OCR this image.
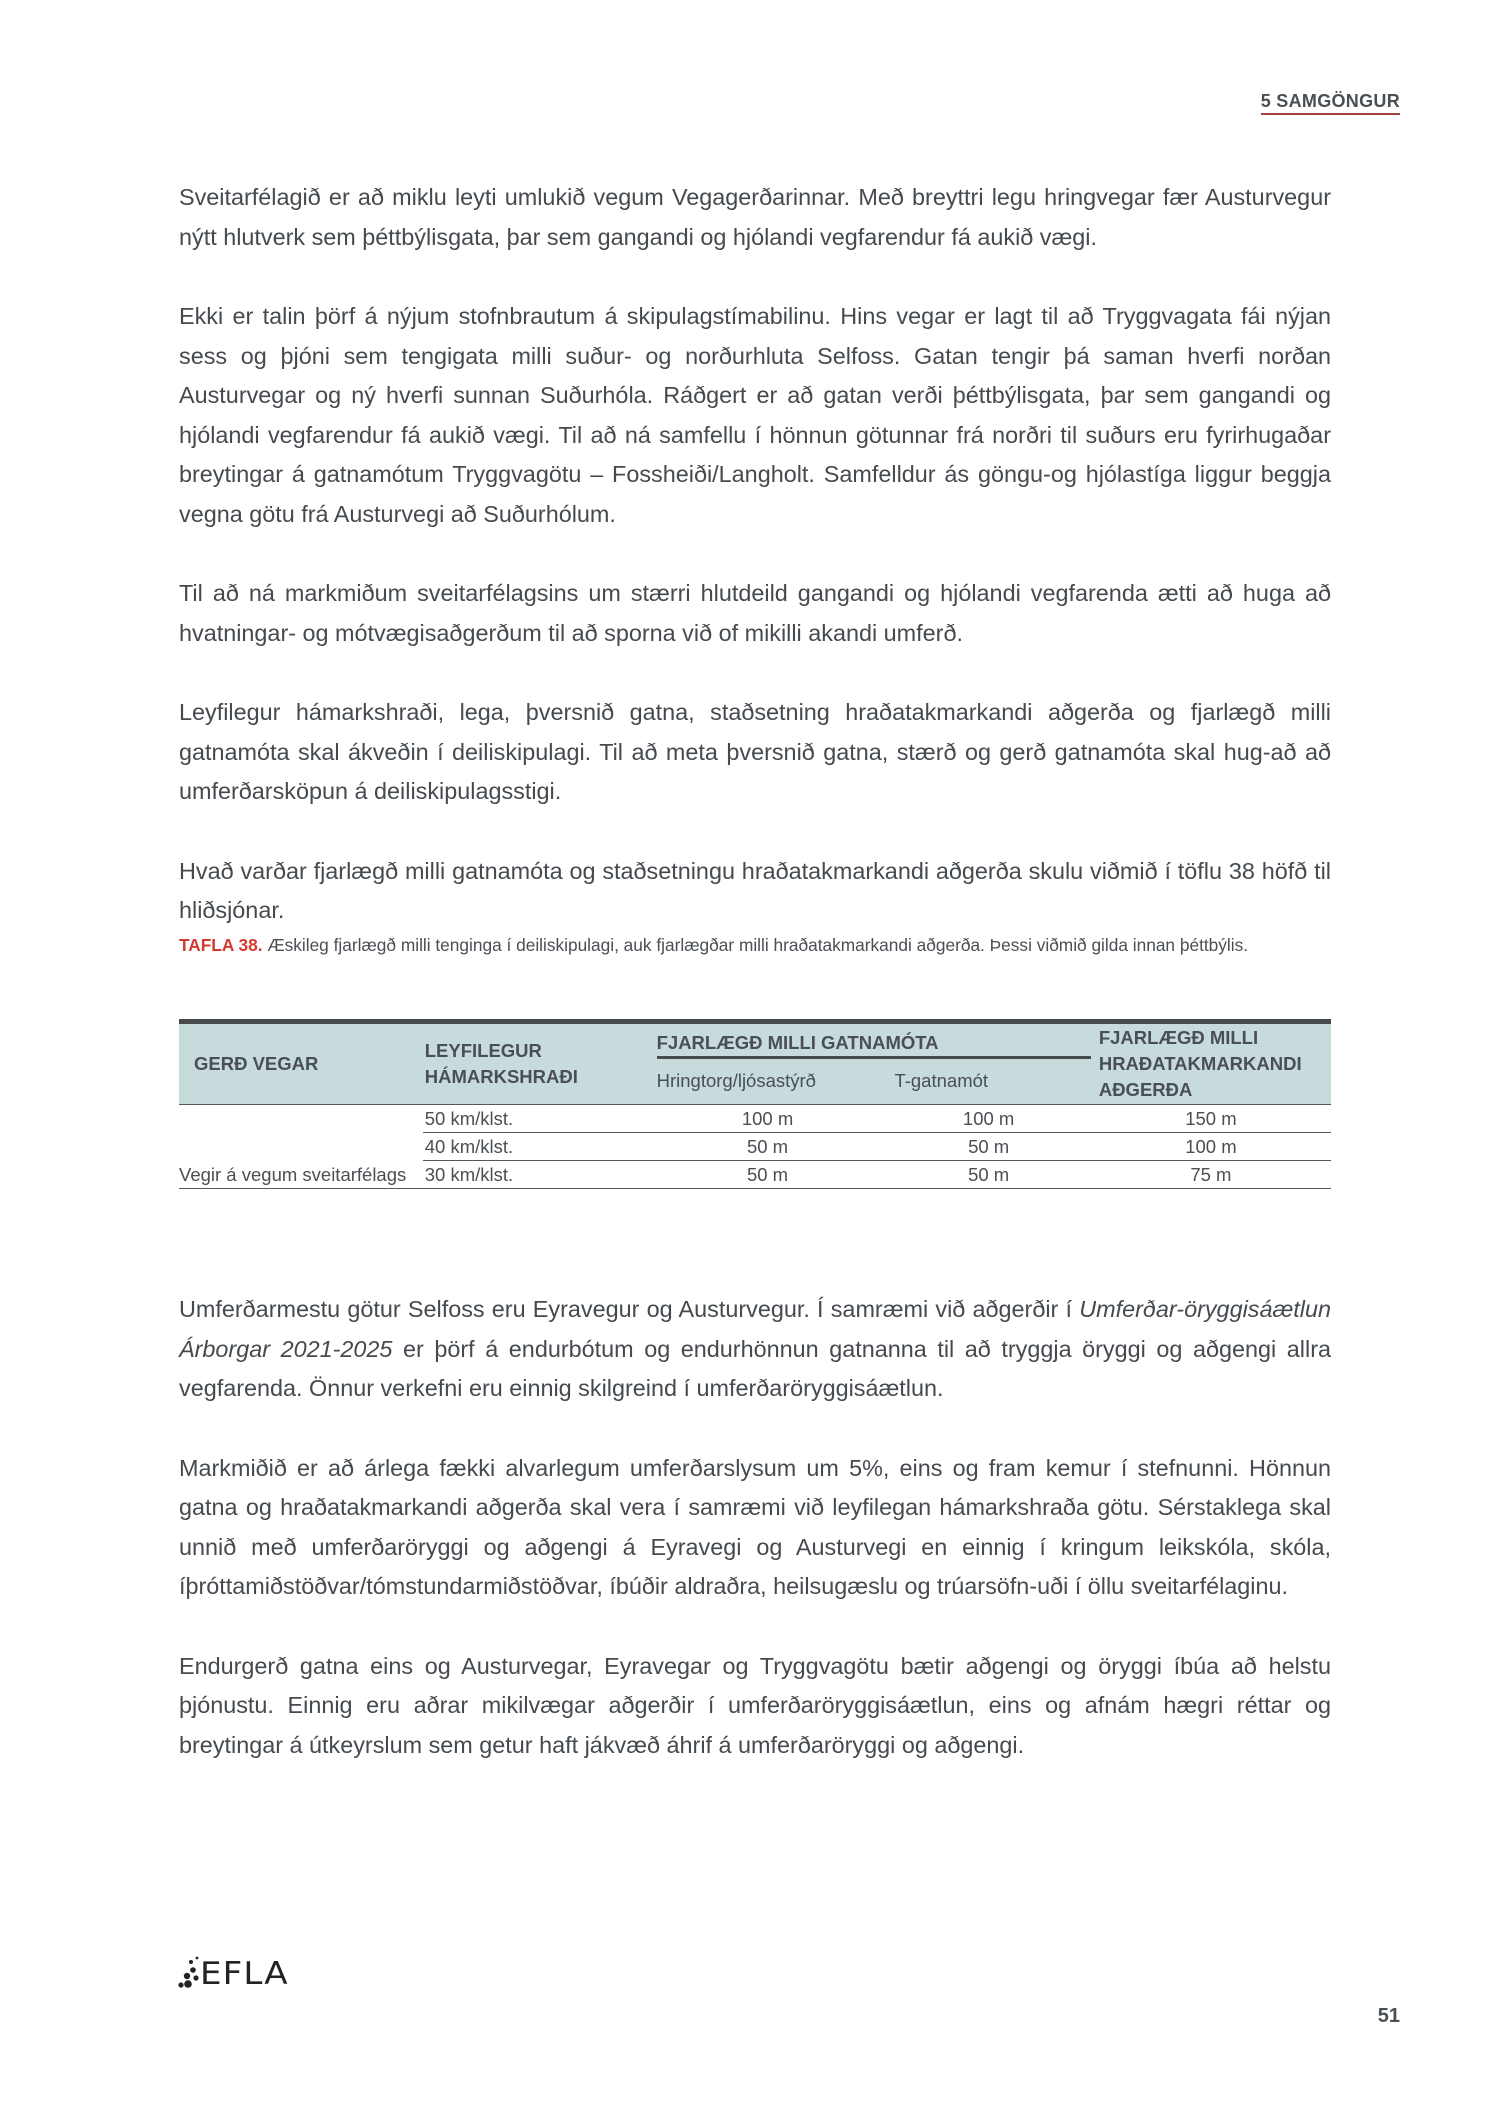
5 SAMGÖNGUR

Sveitarfélagið er að miklu leyti umlukið vegum Vegagerðarinnar. Með breyttri legu hringvegar fær Austurvegur nýtt hlutverk sem þéttbýlisgata, þar sem gangandi og hjólandi vegfarendur fá aukið vægi.

Ekki er talin þörf á nýjum stofnbrautum á skipulagstímabilinu. Hins vegar er lagt til að Tryggvagata fái nýjan sess og þjóni sem tengigata milli suður- og norðurhluta Selfoss. Gatan tengir þá saman hverfi norðan Austurvegar og ný hverfi sunnan Suðurhóla. Ráðgert er að gatan verði þéttbýlisgata, þar sem gangandi og hjólandi vegfarendur fá aukið vægi. Til að ná samfellu í hönnun götunnar frá norðri til suðurs eru fyrirhugaðar breytingar á gatnamótum Tryggvagötu – Fossheiði/Langholt. Samfelldur ás göngu-og hjólastíga liggur beggja vegna götu frá Austurvegi að Suðurhólum.

Til að ná markmiðum sveitarfélagsins um stærri hlutdeild gangandi og hjólandi vegfarenda ætti að huga að hvatningar- og mótvægisaðgerðum til að sporna við of mikilli akandi umferð.

Leyfilegur hámarkshraði, lega, þversnið gatna, staðsetning hraðatakmarkandi aðgerða og fjarlægð milli gatnamóta skal ákveðin í deiliskipulagi. Til að meta þversnið gatna, stærð og gerð gatnamóta skal hug-að að umferðarsköpun á deiliskipulagsstigi.

Hvað varðar fjarlægð milli gatnamóta og staðsetningu hraðatakmarkandi aðgerða skulu viðmið í töflu 38 höfð til hliðsjónar.

TAFLA 38. Æskileg fjarlægð milli tenginga í deiliskipulagi, auk fjarlægðar milli hraðatakmarkandi aðgerða. Þessi viðmið gilda innan þéttbýlis.
GERÐ VEGAR	LEYFILEGUR HÁMARKSHRAÐI	FJARLÆGÐ MILLI GATNAMÓTA		FJARLÆGÐ MILLI HRAÐATAKMARKANDI AÐGERÐA
		Hringtorg/ljósastýrð	T-gatnamót	
Vegir á vegum sveitarfélags	50 km/klst.	100 m	100 m	150 m
	40 km/klst.	50 m	50 m	100 m
	30 km/klst.	50 m	50 m	75 m

Umferðarmestu götur Selfoss eru Eyravegur og Austurvegur. Í samræmi við aðgerðir í Umferðar-öryggisáætlun Árborgar 2021-2025 er þörf á endurbótum og endurhönnun gatnanna til að tryggja öryggi og aðgengi allra vegfarenda. Önnur verkefni eru einnig skilgreind í umferðaröryggisáætlun.

Markmiðið er að árlega fækki alvarlegum umferðarslysum um 5%, eins og fram kemur í stefnunni. Hönnun gatna og hraðatakmarkandi aðgerða skal vera í samræmi við leyfilegan hámarkshraða götu. Sérstaklega skal unnið með umferðaröryggi og aðgengi á Eyravegi og Austurvegi en einnig í kringum leikskóla, skóla, íþróttamiðstöðvar/tómstundarmiðstöðvar, íbúðir aldraðra, heilsugæslu og trúarsöfn-uði í öllu sveitarfélaginu.

Endurgerð gatna eins og Austurvegar, Eyravegar og Tryggvagötu bætir aðgengi og öryggi íbúa að helstu þjónustu. Einnig eru aðrar mikilvægar aðgerðir í umferðaröryggisáætlun, eins og afnám hægri réttar og breytingar á útkeyrslum sem getur haft jákvæð áhrif á umferðaröryggi og aðgengi.

EFLA
51
